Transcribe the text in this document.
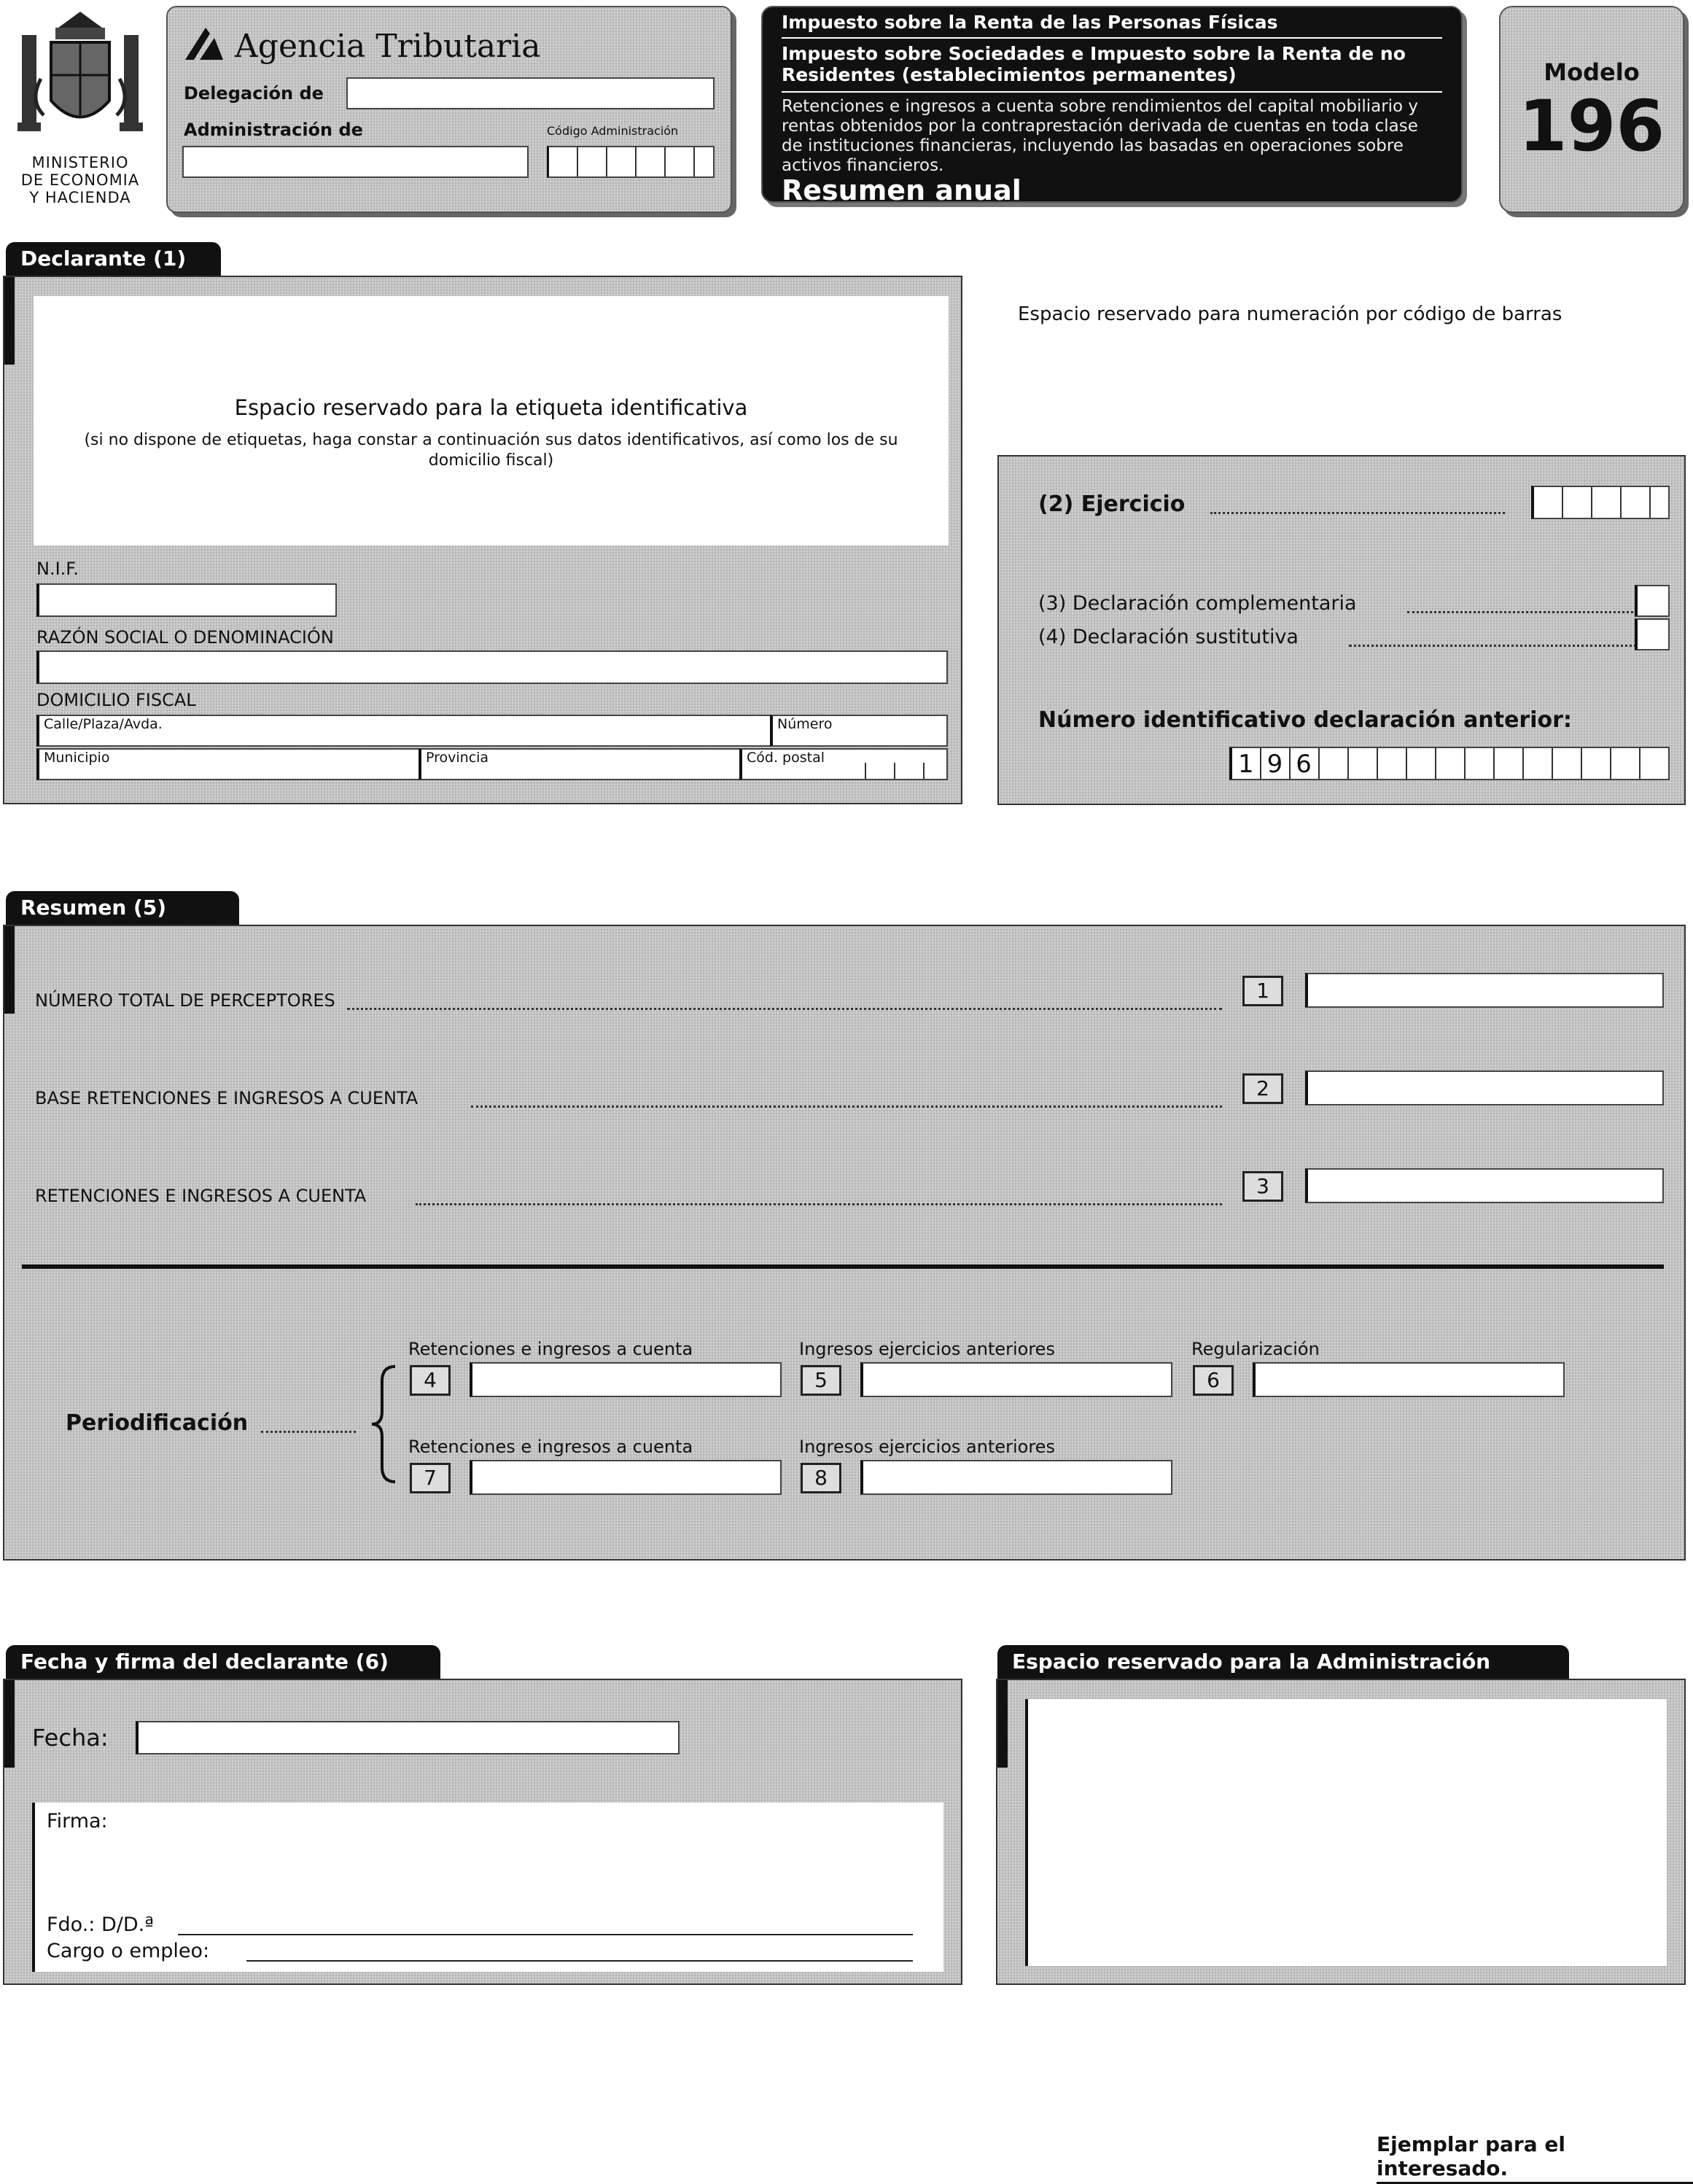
MINISTERIO
DE ECONOMIA
Y HACIENDA
Agencia Tributaria
Delegación de
Administración de	Código Administración
Impuesto sobre la Renta de las Personas Físicas
Impuesto sobre Sociedades e Impuesto sobre la Renta de no Residentes (establecimientos permanentes)
Retenciones e ingresos a cuenta sobre rendimientos del capital mobiliario y rentas obtenidos por la contraprestación derivada de cuentas en toda clase de instituciones financieras, incluyendo las basadas en operaciones sobre activos financieros.
Resumen anual
Modelo
196
Declarante (1)
Espacio reservado para la etiqueta identificativa
(si no dispone de etiquetas, haga constar a continuación sus datos identificativos, así como los de su domicilio fiscal)
N.I.F.
RAZÓN SOCIAL O DENOMINACIÓN
DOMICILIO FISCAL
Calle/Plaza/Avda.	Número
Municipio	Provincia	Cód. postal
Espacio reservado para numeración por código de barras
(2) Ejercicio
(3) Declaración complementaria
(4) Declaración sustitutiva
Número identificativo declaración anterior:
196
Resumen (5)
NÚMERO TOTAL DE PERCEPTORES	1
BASE RETENCIONES E INGRESOS A CUENTA	2
RETENCIONES E INGRESOS A CUENTA	3
Periodificación
Retenciones e ingresos a cuenta
4
Ingresos ejercicios anteriores
5
Regularización
6
Retenciones e ingresos a cuenta
7
Ingresos ejercicios anteriores
8
Fecha y firma del declarante (6)
Fecha:
Firma:
Fdo.: D/D.ª
Cargo o empleo:
Espacio reservado para la Administración
Ejemplar para el interesado.
